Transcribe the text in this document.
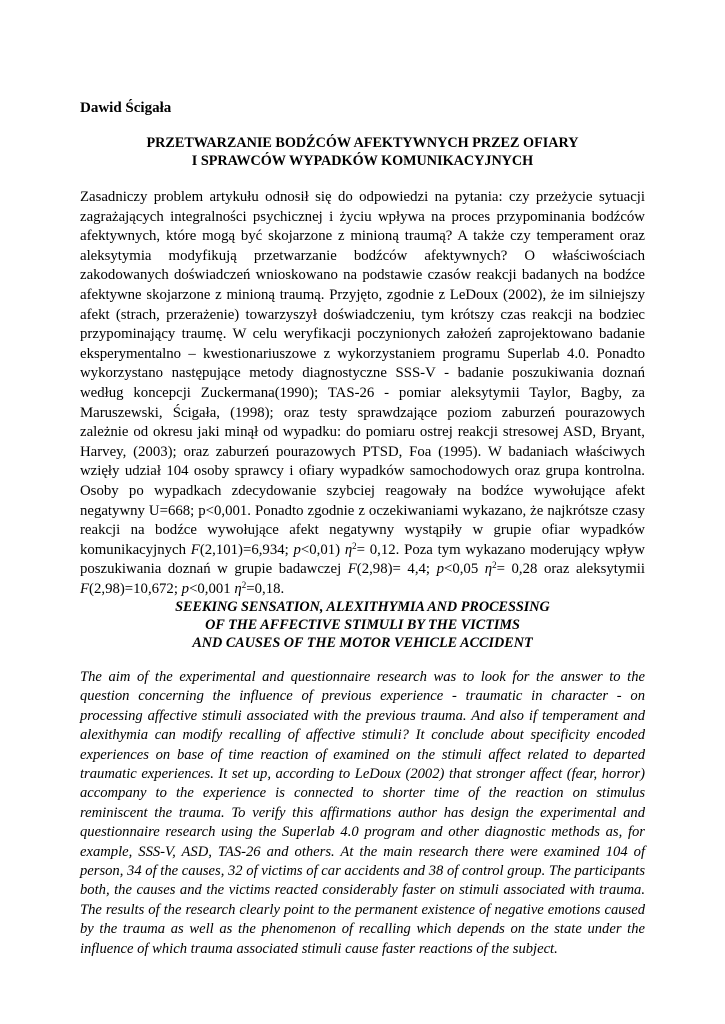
Dawid Ścigała

PRZETWARZANIE BODŹCÓW AFEKTYWNYCH PRZEZ OFIARY
I SPRAWCÓW WYPADKÓW KOMUNIKACYJNYCH

Zasadniczy problem artykułu odnosił się do odpowiedzi na pytania: czy przeżycie sytuacji zagrażających integralności psychicznej i życiu wpływa na proces przypominania bodźców afektywnych, które mogą być skojarzone z minioną traumą? A także czy temperament oraz aleksytymia modyfikują przetwarzanie bodźców afektywnych? O właściwościach zakodowanych doświadczeń wnioskowano na podstawie czasów reakcji badanych na bodźce afektywne skojarzone z minioną traumą. Przyjęto, zgodnie z LeDoux (2002), że im silniejszy afekt (strach, przerażenie) towarzyszył doświadczeniu, tym krótszy czas reakcji na bodziec przypominający traumę. W celu weryfikacji poczynionych założeń zaprojektowano badanie eksperymentalno – kwestionariuszowe z wykorzystaniem programu Superlab 4.0. Ponadto wykorzystano następujące metody diagnostyczne SSS-V - badanie poszukiwania doznań według koncepcji Zuckermana(1990); TAS-26 - pomiar aleksytymii Taylor, Bagby, za Maruszewski, Ścigała, (1998); oraz testy sprawdzające poziom zaburzeń pourazowych zależnie od okresu jaki minął od wypadku: do pomiaru ostrej reakcji stresowej ASD, Bryant, Harvey, (2003); oraz zaburzeń pourazowych PTSD, Foa (1995). W badaniach właściwych wzięły udział 104 osoby sprawcy i ofiary wypadków samochodowych oraz grupa kontrolna. Osoby po wypadkach zdecydowanie szybciej reagowały na bodźce wywołujące afekt negatywny U=668; p<0,001. Ponadto zgodnie z oczekiwaniami wykazano, że najkrótsze czasy reakcji na bodźce wywołujące afekt negatywny wystąpiły w grupie ofiar wypadków komunikacyjnych F(2,101)=6,934; p<0,01) $\eta^2= 0,12$. Poza tym wykazano moderujący wpływ poszukiwania doznań w grupie badawczej F(2,98)= 4,4; p<0,05 $\eta^2= 0,28$ oraz aleksytymii F(2,98)=10,672; p<0,001 $\eta^2=0,18$.

SEEKING SENSATION, ALEXITHYMIA AND PROCESSING
OF THE AFFECTIVE STIMULI BY THE VICTIMS
AND CAUSES OF THE MOTOR VEHICLE ACCIDENT

The aim of the experimental and questionnaire research was to look for the answer to the question concerning the influence of previous experience - traumatic in character - on processing affective stimuli associated with the previous trauma. And also if temperament and alexithymia can modify recalling of affective stimuli? It conclude about specificity encoded experiences on base of time reaction of examined on the stimuli affect related to departed traumatic experiences. It set up, according to LeDoux (2002) that stronger affect (fear, horror) accompany to the experience is connected to shorter time of the reaction on stimulus reminiscent the trauma. To verify this affirmations author has design the experimental and questionnaire research using the Superlab 4.0 program and other diagnostic methods as, for example, SSS-V, ASD, TAS-26 and others. At the main research there were examined 104 of person, 34 of the causes, 32 of victims of car accidents and 38 of control group. The participants both, the causes and the victims reacted considerably faster on stimuli associated with trauma. The results of the research clearly point to the permanent existence of negative emotions caused by the trauma as well as the phenomenon of recalling which depends on the state under the influence of which trauma associated stimuli cause faster reactions of the subject.
